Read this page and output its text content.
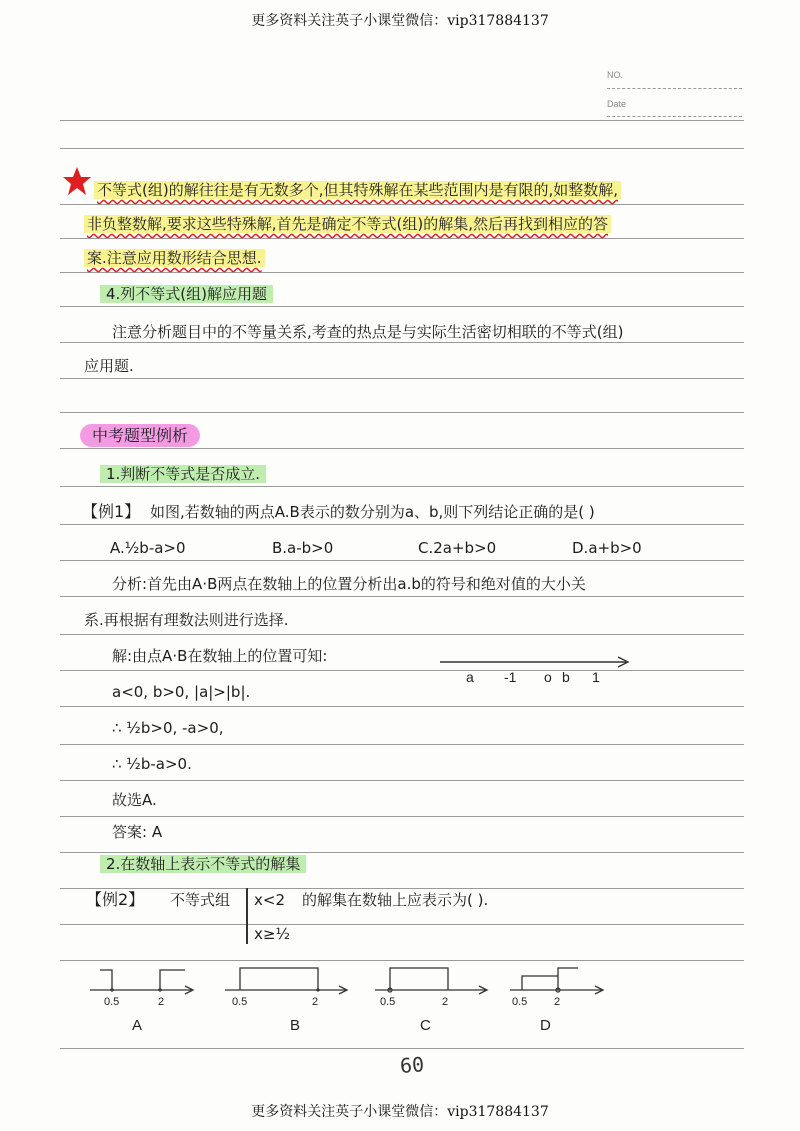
更多资料关注英子小课堂微信：vip317884137
更多资料关注英子小课堂微信：vip317884137
NO.
Date
不等式(组)的解往往是有无数多个,但其特殊解在某些范围内是有限的,如整数解,
非负整数解,要求这些特殊解,首先是确定不等式(组)的解集,然后再找到相应的答
案.注意应用数形结合思想.
4.列不等式(组)解应用题
注意分析题目中的不等量关系,考查的热点是与实际生活密切相联的不等式(组)
应用题.
中考题型例析
1.判断不等式是否成立.
【例1】 如图,若数轴的两点A.B表示的数分别为a、b,则下列结论正确的是( )
A.½b-a>0	B.a-b>0	C.2a+b>0	D.a+b>0
分析:首先由A·B两点在数轴上的位置分析出a.b的符号和绝对值的大小关
系.再根据有理数法则进行选择.
解:由点A·B在数轴上的位置可知:
a<0, b>0, |a|>|b|.
∴ ½b>0, -a>0,
∴ ½b-a>0.
故选A.
答案: A
a -1 o b 1
2.在数轴上表示不等式的解集
【例2】 不等式组 x<2 的解集在数轴上应表示为( ).
x≥½
0.5	2
A
0.5	2
B
0.5	2
C
0.5 2
D
60
